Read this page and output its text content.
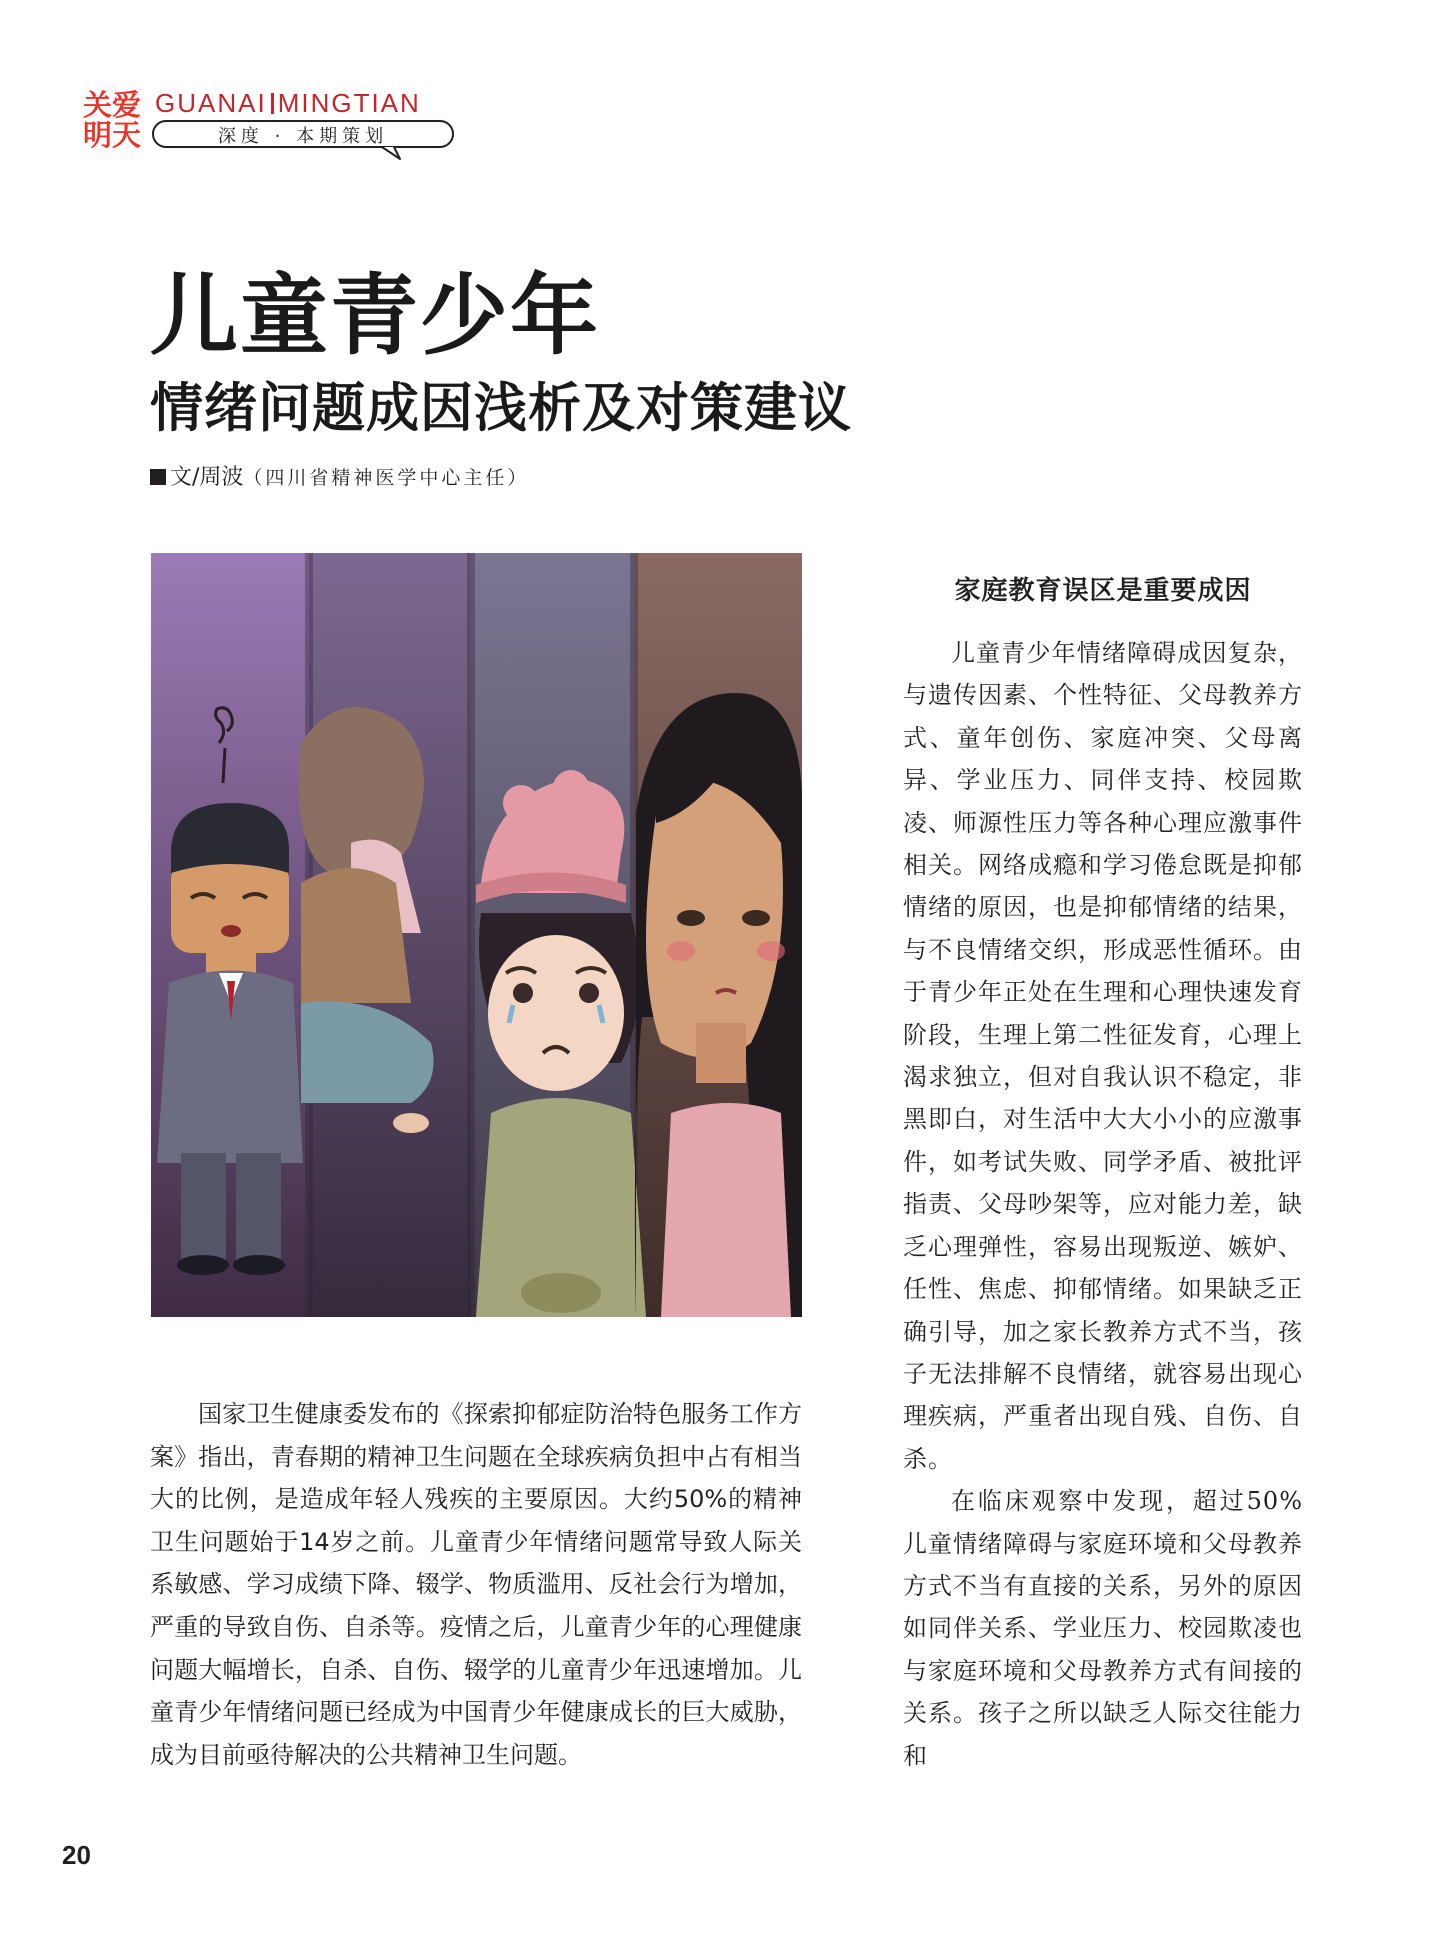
关爱明天
GUANAI MINGTIAN
深度 · 本期策划
儿童青少年
情绪问题成因浅析及对策建议
文/周波（四川省精神医学中心主任）

国家卫生健康委发布的《探索抑郁症防治特色服务工作方案》指出，青春期的精神卫生问题在全球疾病负担中占有相当大的比例，是造成年轻人残疾的主要原因。大约50%的精神卫生问题始于14岁之前。儿童青少年情绪问题常导致人际关系敏感、学习成绩下降、辍学、物质滥用、反社会行为增加，严重的导致自伤、自杀等。疫情之后，儿童青少年的心理健康问题大幅增长，自杀、自伤、辍学的儿童青少年迅速增加。儿童青少年情绪问题已经成为中国青少年健康成长的巨大威胁，成为目前亟待解决的公共精神卫生问题。

家庭教育误区是重要成因

儿童青少年情绪障碍成因复杂，与遗传因素、个性特征、父母教养方式、童年创伤、家庭冲突、父母离异、学业压力、同伴支持、校园欺凌、师源性压力等各种心理应激事件相关。网络成瘾和学习倦怠既是抑郁情绪的原因，也是抑郁情绪的结果，与不良情绪交织，形成恶性循环。由于青少年正处在生理和心理快速发育阶段，生理上第二性征发育，心理上渴求独立，但对自我认识不稳定，非黑即白，对生活中大大小小的应激事件，如考试失败、同学矛盾、被批评指责、父母吵架等，应对能力差，缺乏心理弹性，容易出现叛逆、嫉妒、任性、焦虑、抑郁情绪。如果缺乏正确引导，加之家长教养方式不当，孩子无法排解不良情绪，就容易出现心理疾病，严重者出现自残、自伤、自杀。

在临床观察中发现，超过50%儿童情绪障碍与家庭环境和父母教养方式不当有直接的关系，另外的原因如同伴关系、学业压力、校园欺凌也与家庭环境和父母教养方式有间接的关系。孩子之所以缺乏人际交往能力和

20
